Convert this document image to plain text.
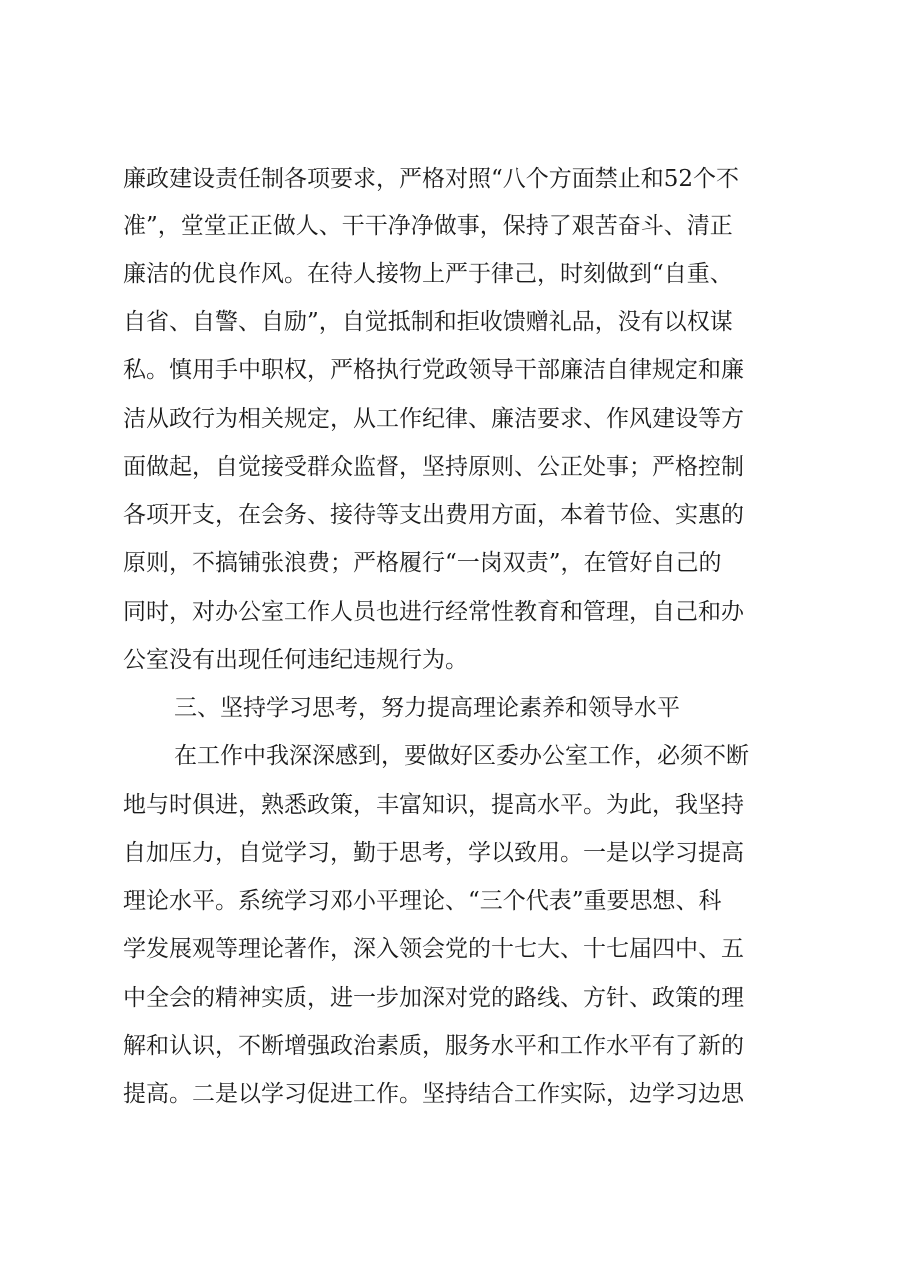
廉政建设责任制各项要求，严格对照“八个方面禁止和52个不

准”，堂堂正正做人、干干净净做事，保持了艰苦奋斗、清正

廉洁的优良作风。在待人接物上严于律己，时刻做到“自重、

自省、自警、自励”，自觉抵制和拒收馈赠礼品，没有以权谋

私。慎用手中职权，严格执行党政领导干部廉洁自律规定和廉

洁从政行为相关规定，从工作纪律、廉洁要求、作风建设等方

面做起，自觉接受群众监督，坚持原则、公正处事；严格控制

各项开支，在会务、接待等支出费用方面，本着节俭、实惠的

原则，不搞铺张浪费；严格履行“一岗双责”，在管好自己的

同时，对办公室工作人员也进行经常性教育和管理，自己和办

公室没有出现任何违纪违规行为。

三、坚持学习思考，努力提高理论素养和领导水平

在工作中我深深感到，要做好区委办公室工作，必须不断

地与时俱进，熟悉政策，丰富知识，提高水平。为此，我坚持

自加压力，自觉学习，勤于思考，学以致用。一是以学习提高

理论水平。系统学习邓小平理论、“三个代表”重要思想、科

学发展观等理论著作，深入领会党的十七大、十七届四中、五

中全会的精神实质，进一步加深对党的路线、方针、政策的理

解和认识，不断增强政治素质，服务水平和工作水平有了新的

提高。二是以学习促进工作。坚持结合工作实际，边学习边思
